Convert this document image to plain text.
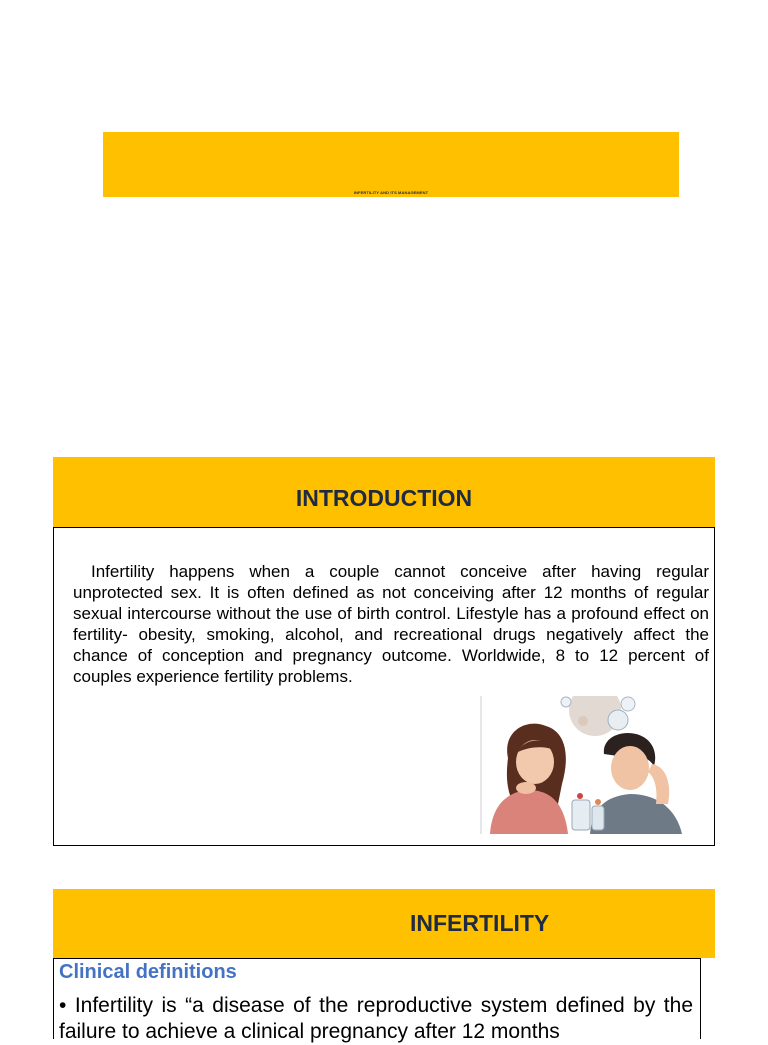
INFERTILITY AND ITS MANAGEMENT
INTRODUCTION
Infertility happens when a couple cannot conceive after having regular unprotected sex. It is often defined as not conceiving after 12 months of regular sexual intercourse without the use of birth control. Lifestyle has a profound effect on fertility- obesity, smoking, alcohol, and recreational drugs negatively affect the chance of conception and pregnancy outcome. Worldwide, 8 to 12 percent of couples experience fertility problems.
INFERTILITY
Clinical definitions
• Infertility is “a disease of the reproductive system defined by the failure to achieve a clinical pregnancy after 12 months
